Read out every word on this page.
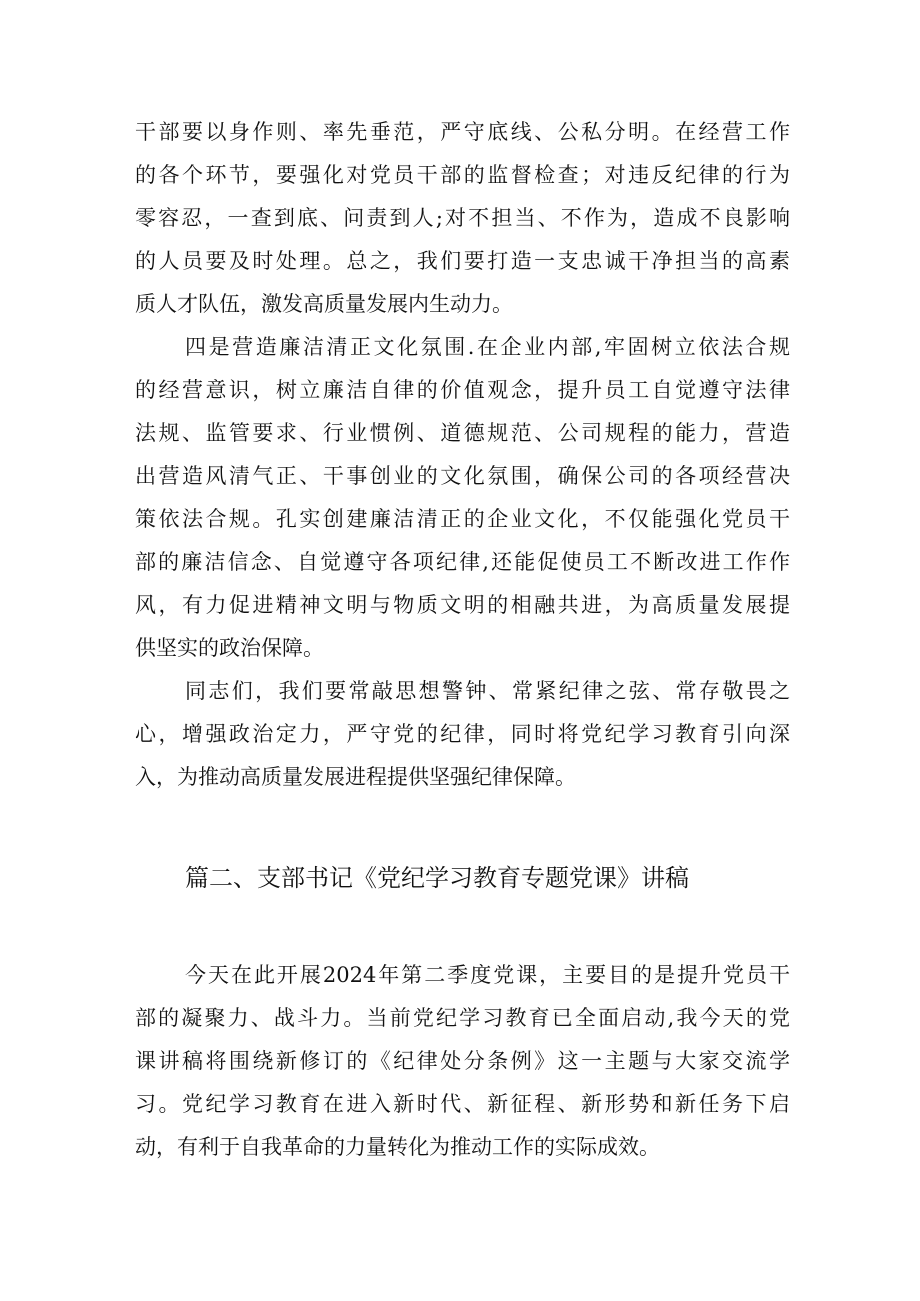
干部要以身作则、率先垂范，严守底线、公私分明。在经营工作
的各个环节，要强化对党员干部的监督检查；对违反纪律的行为
零容忍，一查到底、问责到人;对不担当、不作为，造成不良影响
的人员要及时处理。总之，我们要打造一支忠诚干净担当的高素
质人才队伍，激发高质量发展内生动力。
四是营造廉洁清正文化氛围.在企业内部,牢固树立依法合规
的经营意识，树立廉洁自律的价值观念，提升员工自觉遵守法律
法规、监管要求、行业惯例、道德规范、公司规程的能力，营造
出营造风清气正、干事创业的文化氛围，确保公司的各项经营决
策依法合规。孔实创建廉洁清正的企业文化，不仅能强化党员干
部的廉洁信念、自觉遵守各项纪律,还能促使员工不断改进工作作
风，有力促进精神文明与物质文明的相融共进，为高质量发展提
供坚实的政治保障。
同志们，我们要常敲思想警钟、常紧纪律之弦、常存敬畏之
心，增强政治定力，严守党的纪律，同时将党纪学习教育引向深
入，为推动高质量发展进程提供坚强纪律保障。
篇二、支部书记《党纪学习教育专题党课》讲稿
今天在此开展2024年第二季度党课，主要目的是提升党员干
部的凝聚力、战斗力。当前党纪学习教育已全面启动,我今天的党
课讲稿将围绕新修订的《纪律处分条例》这一主题与大家交流学
习。党纪学习教育在进入新时代、新征程、新形势和新任务下启
动，有利于自我革命的力量转化为推动工作的实际成效。
